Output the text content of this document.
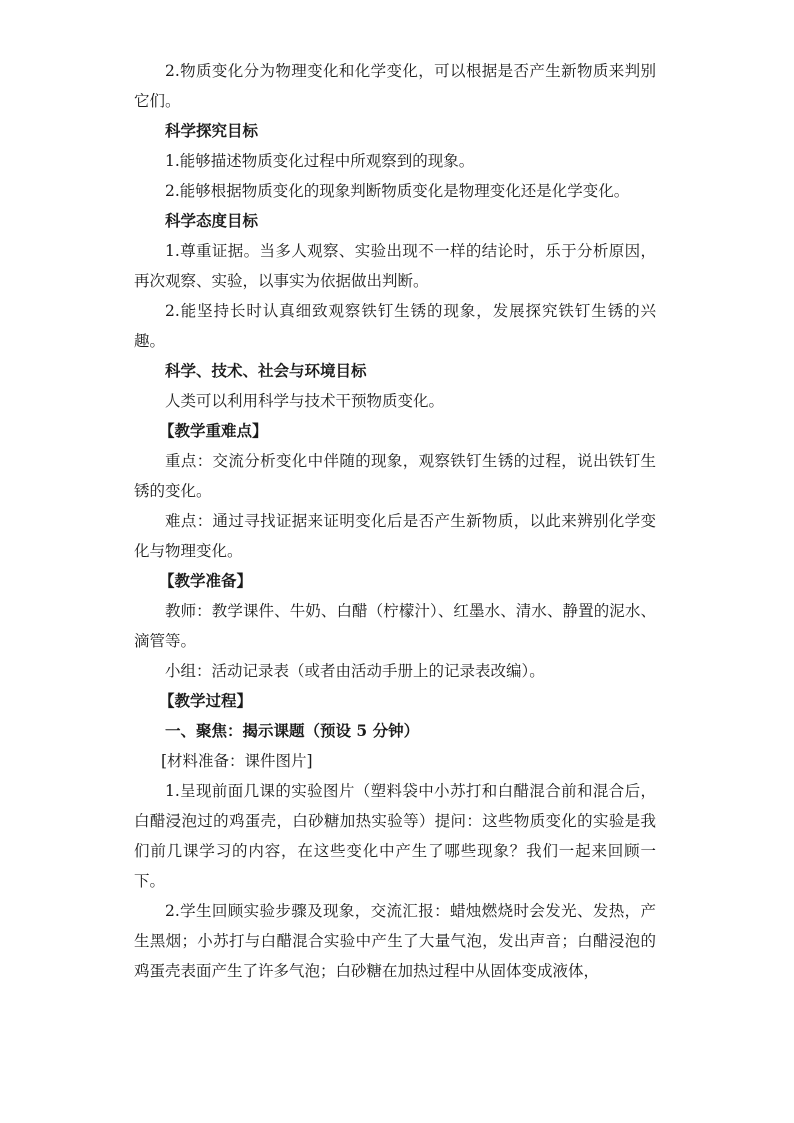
2.物质变化分为物理变化和化学变化，可以根据是否产生新物质来判别它们。

科学探究目标

1.能够描述物质变化过程中所观察到的现象。

2.能够根据物质变化的现象判断物质变化是物理变化还是化学变化。

科学态度目标

1.尊重证据。当多人观察、实验出现不一样的结论时，乐于分析原因，再次观察、实验，以事实为依据做出判断。

2.能坚持长时认真细致观察铁钉生锈的现象，发展探究铁钉生锈的兴趣。

科学、技术、社会与环境目标

人类可以利用科学与技术干预物质变化。

【教学重难点】

重点：交流分析变化中伴随的现象，观察铁钉生锈的过程，说出铁钉生锈的变化。

难点：通过寻找证据来证明变化后是否产生新物质，以此来辨别化学变化与物理变化。

【教学准备】

教师：教学课件、牛奶、白醋（柠檬汁）、红墨水、清水、静置的泥水、滴管等。

小组：活动记录表（或者由活动手册上的记录表改编）。

【教学过程】

一、聚焦：揭示课题（预设 5 分钟）

[材料准备：课件图片]

1.呈现前面几课的实验图片（塑料袋中小苏打和白醋混合前和混合后，白醋浸泡过的鸡蛋壳，白砂糖加热实验等）提问：这些物质变化的实验是我们前几课学习的内容，在这些变化中产生了哪些现象？我们一起来回顾一下。

2.学生回顾实验步骤及现象，交流汇报：蜡烛燃烧时会发光、发热，产生黑烟；小苏打与白醋混合实验中产生了大量气泡，发出声音；白醋浸泡的鸡蛋壳表面产生了许多气泡；白砂糖在加热过程中从固体变成液体，
